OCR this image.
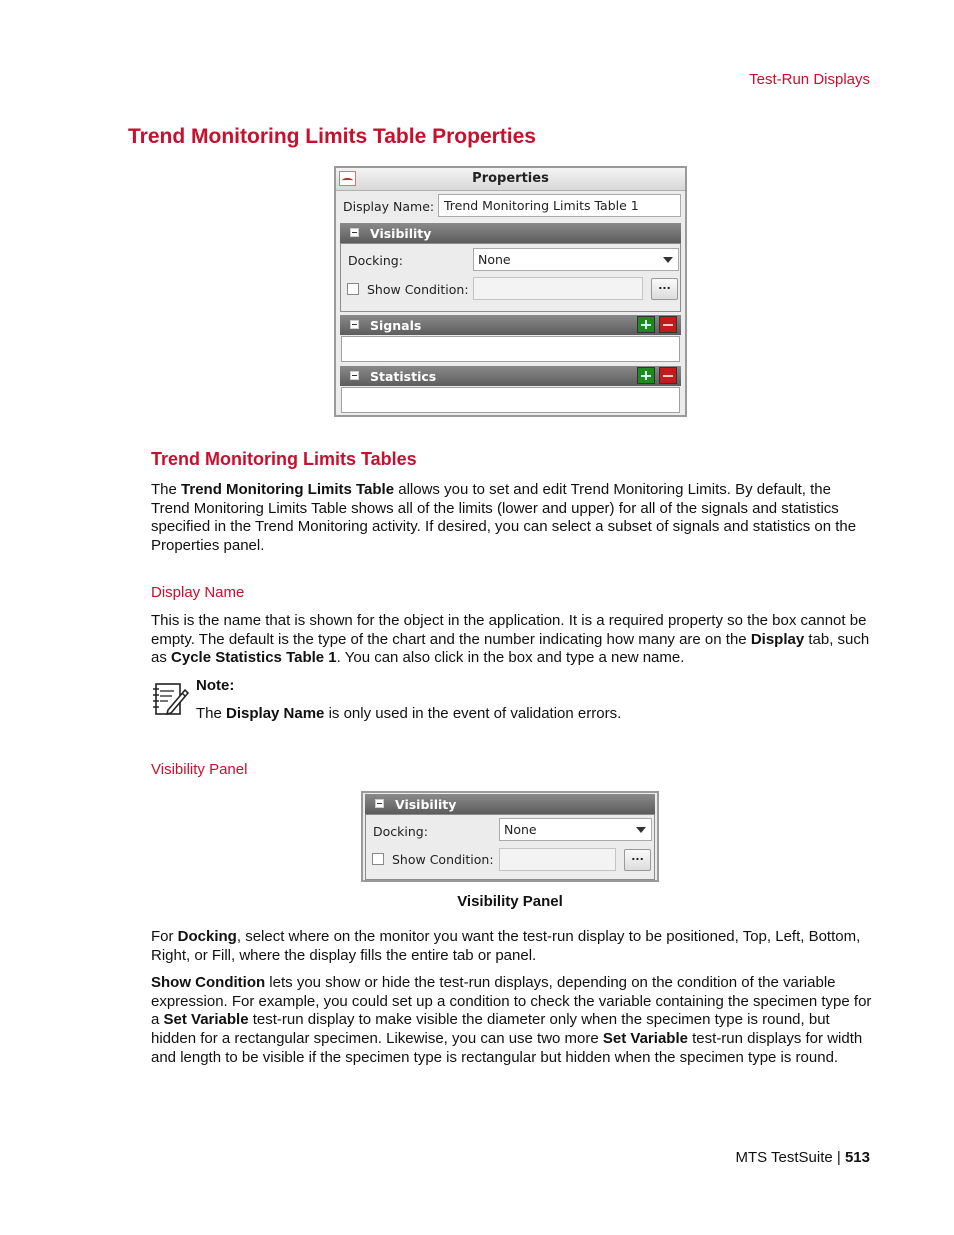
Test-Run Displays
Trend Monitoring Limits Table Properties
Properties
Display Name: Trend Monitoring Limits Table 1
Visibility
Docking:	None
Show Condition:	...
Signals
Statistics
Trend Monitoring Limits Tables
The Trend Monitoring Limits Table allows you to set and edit Trend Monitoring Limits. By default, the Trend Monitoring Limits Table shows all of the limits (lower and upper) for all of the signals and statistics specified in the Trend Monitoring activity. If desired, you can select a subset of signals and statistics on the Properties panel.
Display Name
This is the name that is shown for the object in the application. It is a required property so the box cannot be empty. The default is the type of the chart and the number indicating how many are on the Display tab, such as Cycle Statistics Table 1. You can also click in the box and type a new name.
Note:
The Display Name is only used in the event of validation errors.
Visibility Panel
Visibility
Docking:	None
Show Condition:	...
Visibility Panel
For Docking, select where on the monitor you want the test-run display to be positioned, Top, Left, Bottom, Right, or Fill, where the display fills the entire tab or panel.
Show Condition lets you show or hide the test-run displays, depending on the condition of the variable expression. For example, you could set up a condition to check the variable containing the specimen type for a Set Variable test-run display to make visible the diameter only when the specimen type is round, but hidden for a rectangular specimen. Likewise, you can use two more Set Variable test-run displays for width and length to be visible if the specimen type is rectangular but hidden when the specimen type is round.
MTS TestSuite | 513
